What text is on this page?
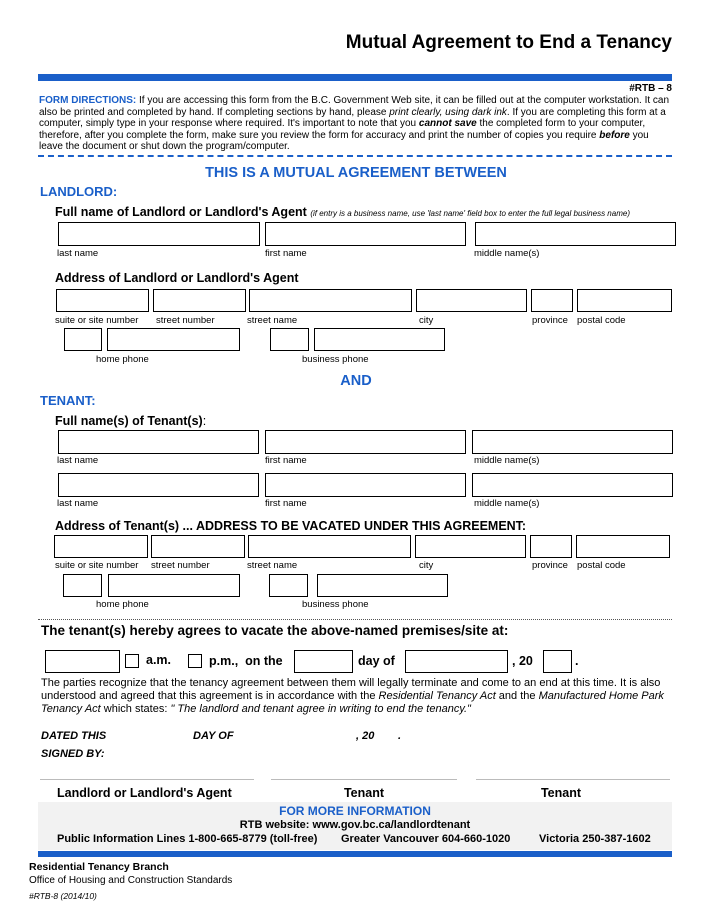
Mutual Agreement to End a Tenancy
#RTB – 8
FORM DIRECTIONS: If you are accessing this form from the B.C. Government Web site, it can be filled out at the computer workstation. It can also be printed and completed by hand. If completing sections by hand, please print clearly, using dark ink. If you are completing this form at a computer, simply type in your response where required. It's important to note that you cannot save the completed form to your computer, therefore, after you complete the form, make sure you review the form for accuracy and print the number of copies you require before you leave the document or shut down the program/computer.
THIS IS A MUTUAL AGREEMENT BETWEEN
LANDLORD:
Full name of Landlord or Landlord's Agent (if entry is a business name, use 'last name' field box to enter the full legal business name)
last name	first name	middle name(s)
Address of Landlord or Landlord's Agent
suite or site number street number	street name	city	province postal code
home phone	business phone
AND
TENANT:
Full name(s) of Tenant(s):
last name	first name	middle name(s)
last name	first name	middle name(s)
Address of Tenant(s) ... ADDRESS TO BE VACATED UNDER THIS AGREEMENT:
suite or site number street number	street name	city	province postal code
home phone	business phone
The tenant(s) hereby agrees to vacate the above-named premises/site at:
a.m.	p.m., on the	day of	, 20	.
The parties recognize that the tenancy agreement between them will legally terminate and come to an end at this time. It is also understood and agreed that this agreement is in accordance with the Residential Tenancy Act and the Manufactured Home Park Tenancy Act which states: " The landlord and tenant agree in writing to end the tenancy."
DATED THIS	DAY OF	, 20 .
SIGNED BY:
Landlord or Landlord's Agent	Tenant	Tenant
FOR MORE INFORMATION
RTB website: www.gov.bc.ca/landlordtenant
Public Information Lines 1-800-665-8779 (toll-free) Greater Vancouver 604-660-1020	Victoria 250-387-1602
Residential Tenancy Branch
Office of Housing and Construction Standards
#RTB-8 (2014/10)
